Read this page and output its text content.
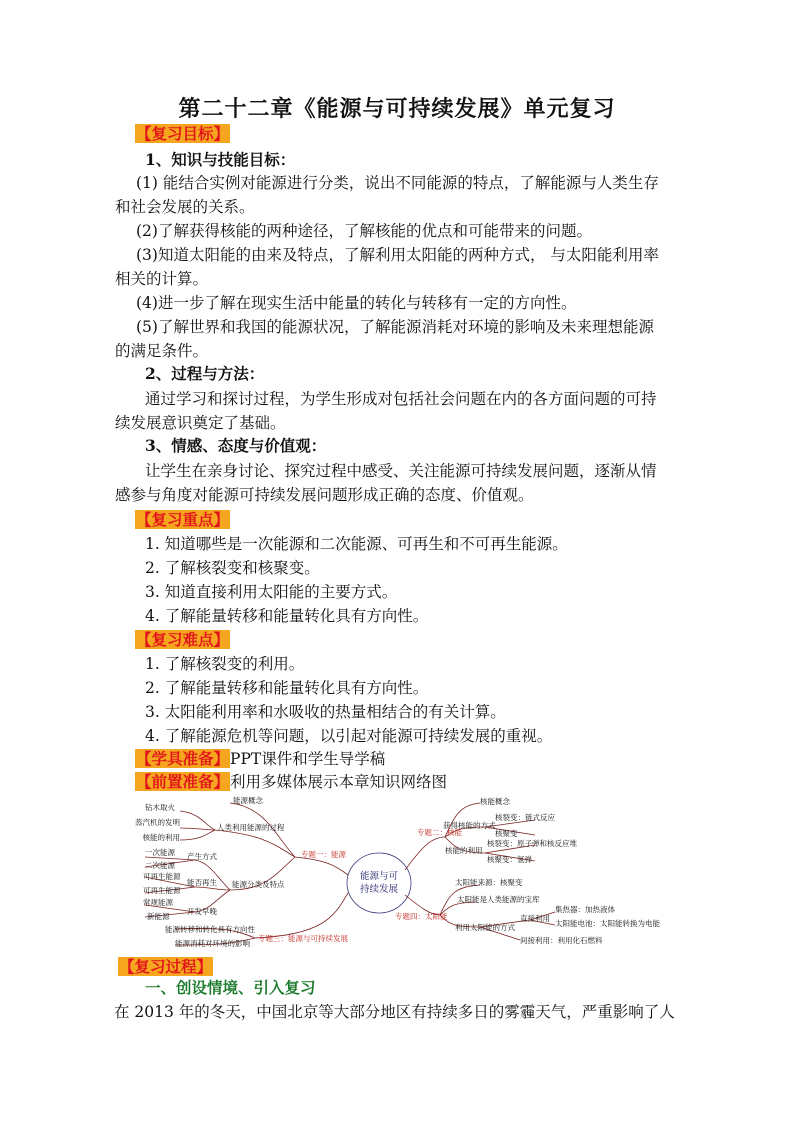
第二十二章《能源与可持续发展》单元复习
【复习目标】
1、知识与技能目标：
(1) 能结合实例对能源进行分类，说出不同能源的特点，了解能源与人类生存
和社会发展的关系。
(2)了解获得核能的两种途径，了解核能的优点和可能带来的问题。
(3)知道太阳能的由来及特点，了解利用太阳能的两种方式， 与太阳能利用率
相关的计算。
(4)进一步了解在现实生活中能量的转化与转移有一定的方向性。
(5)了解世界和我国的能源状况，了解能源消耗对环境的影响及未来理想能源
的满足条件。
2、过程与方法：
通过学习和探讨过程，为学生形成对包括社会问题在内的各方面问题的可持
续发展意识奠定了基础。
3、情感、态度与价值观：
让学生在亲身讨论、探究过程中感受、关注能源可持续发展问题，逐渐从情
感参与角度对能源可持续发展问题形成正确的态度、价值观。
【复习重点】
1. 知道哪些是一次能源和二次能源、可再生和不可再生能源。
2. 了解核裂变和核聚变。
3. 知道直接利用太阳能的主要方式。
4. 了解能量转移和能量转化具有方向性。
【复习难点】
1. 了解核裂变的利用。
2. 了解能量转移和能量转化具有方向性。
3. 太阳能利用率和水吸收的热量相结合的有关计算。
4. 了解能源危机等问题，以引起对能源可持续发展的重视。
【学具准备】PPT课件和学生导学稿
【前置准备】利用多媒体展示本章知识网络图
能源与可
持续发展
专题一：能源
专题二：核能
专题三：能源与可持续发展
专题四：太阳能
能源概念
人类利用能源的过程
钻木取火
蒸汽机的发明
核能的利用
能源分类及特点
产生方式
一次能源
二次能源
能否再生
可再生能源
可再生能源
开发早晚
常规能源
新能源
能源转移和转化具有方向性
能源消耗对环境的影响
核能概念
获得核能的方式
核裂变：链式反应
核聚变
核能的利用
核裂变：原子弹和核反应堆
核聚变：氢弹
太阳能来源：核聚变
太阳能是人类能源的宝库
利用太阳能的方式
直接利用
集热器：加热液体
太阳能电池：太阳能转换为电能
间接利用：利用化石燃料
【复习过程】
一、创设情境、引入复习
在 2013 年的冬天，中国北京等大部分地区有持续多日的雾霾天气，严重影响了人
